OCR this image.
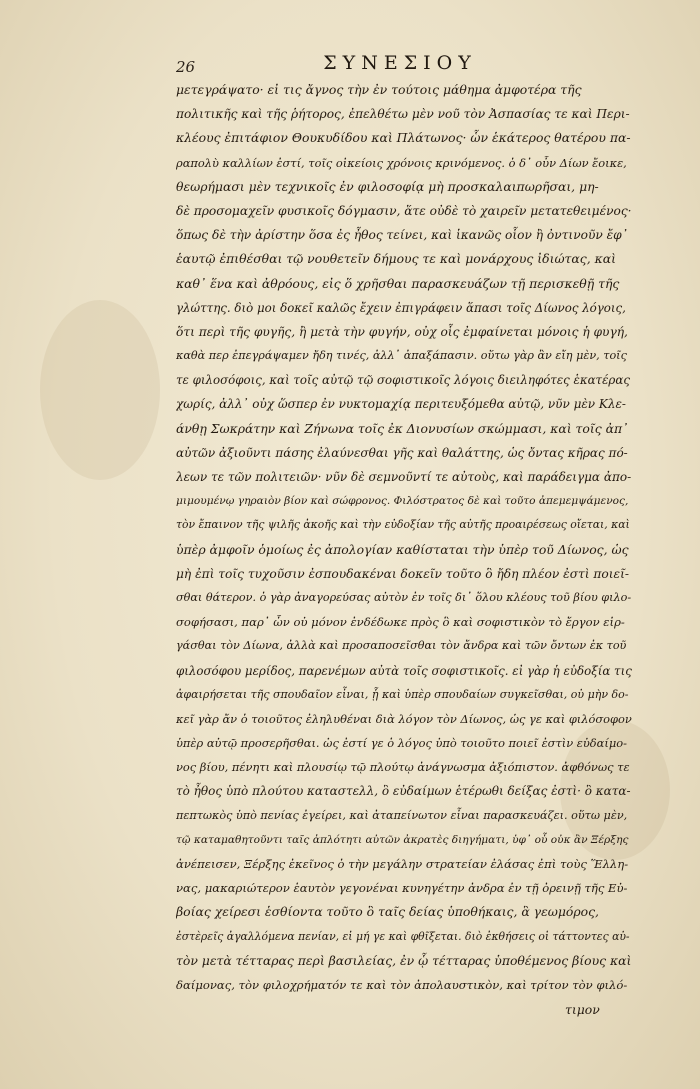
26	ΣΥΝΕΣΙΟΥ
μετεγράψατο· εἰ τις ἄγνος τὴν ἐν τούτοις μάθημα ἀμφοτέρα τῆς
πολιτικῆς καὶ τῆς ῥήτορος, ἐπελθέτω μὲν νοῦ τὸν Ἀσπασίας τε καὶ Περι-
κλέους ἐπιτάφιον Θουκυδίδου καὶ Πλάτωνος· ὧν ἑκάτερος θατέρου πα-
ραπολὺ καλλίων ἐστί, τοῖς οἰκείοις χρόνοις κρινόμενος. ὁ δ᾿ οὖν Δίων ἔοικε,
θεωρήμασι μὲν τεχνικοῖς ἐν φιλοσοφίᾳ μὴ προσκαλαιπωρῆσαι, μη-
δὲ προσομαχεῖν φυσικοῖς δόγμασιν, ἅτε οὐδὲ τὸ χαιρεῖν μετατεθειμένος·
ὅπως δὲ τὴν ἀρίστην ὅσα ἐς ἦθος τείνει, καὶ ἱκανῶς οἷον ἢ ὀντινοῦν ἔφ᾿
ἑαυτῷ ἐπιθέσθαι τῷ νουθετεῖν δήμους τε καὶ μονάρχους ἰδιώτας, καὶ
καθ᾿ ἕνα καὶ ἀθρόους, εἰς ὅ χρῆσθαι παρασκευάζων τῇ περισκεθῇ τῆς
γλώττης. διὸ μοι δοκεῖ καλῶς ἔχειν ἐπιγράφειν ἅπασι τοῖς Δίωνος λόγοις,
ὅτι περὶ τῆς φυγῆς, ἢ μετὰ τὴν φυγήν, οὐχ οἷς ἐμφαίνεται μόνοις ἡ φυγή,
καθὰ περ ἐπεγράψαμεν ἤδη τινές, ἀλλ᾿ ἀπαξάπασιν. οὕτω γὰρ ἂν εἴη μὲν, τοῖς
τε φιλοσόφοις, καὶ τοῖς αὐτῷ τῷ σοφιστικοῖς λόγοις διειληφότες ἑκατέρας
χωρίς, ἀλλ᾿ οὐχ ὥσπερ ἐν νυκτομαχίᾳ περιτευξόμεθα αὐτῷ, νῦν μὲν Κλε-
άνθῃ Σωκράτην καὶ Ζήνωνα τοῖς ἐκ Διονυσίων σκώμμασι, καὶ τοῖς ἀπ᾿
αὐτῶν ἀξιοῦντι πάσης ἐλαύνεσθαι γῆς καὶ θαλάττης, ὡς ὄντας κῆρας πό-
λεων τε τῶν πολιτειῶν· νῦν δὲ σεμνοῦντί τε αὐτοὺς, καὶ παράδειγμα ἀπο-
μιμουμένῳ γηραιὸν βίον καὶ σώφρονος. Φιλόστρατος δὲ καὶ τοῦτο ἀπεμεμψάμενος,
τὸν ἔπαινον τῆς ψιλῆς ἀκοῆς καὶ τὴν εὐδοξίαν τῆς αὐτῆς προαιρέσεως οἴεται, καὶ
ὑπὲρ ἀμφοῖν ὁμοίως ἐς ἀπολογίαν καθίσταται τὴν ὑπὲρ τοῦ Δίωνος, ὡς
μὴ ἐπὶ τοῖς τυχοῦσιν ἐσπουδακέναι δοκεῖν τοῦτο ὃ ἤδη πλέον ἐστὶ ποιεῖ-
σθαι θάτερον. ὁ γὰρ ἀναγορεύσας αὐτὸν ἐν τοῖς δι᾿ ὅλου κλέους τοῦ βίου φιλο-
σοφήσασι, παρ᾿ ὧν οὐ μόνον ἐνδέδωκε πρὸς ὃ καὶ σοφιστικὸν τὸ ἔργον εἰρ-
γάσθαι τὸν Δίωνα, ἀλλὰ καὶ προσαποσεῖσθαι τὸν ἄνδρα καὶ τῶν ὄντων ἐκ τοῦ
φιλοσόφου μερίδος, παρενέμων αὐτὰ τοῖς σοφιστικοῖς. εἰ γὰρ ἡ εὐδοξία τις
ἀφαιρήσεται τῆς σπουδαῖον εἶναι, ᾗ καὶ ὑπὲρ σπουδαίων συγκεῖσθαι, οὐ μὴν δο-
κεῖ γὰρ ἄν ὁ τοιοῦτος ἐληλυθέναι διὰ λόγον τὸν Δίωνος, ὡς γε καὶ φιλόσοφον
ὑπὲρ αὐτῷ προσερῆσθαι. ὡς ἐστί γε ὁ λόγος ὑπὸ τοιοῦτο ποιεῖ ἐστὶν εὐδαίμο-
νος βίου, πένητι καὶ πλουσίῳ τῷ πλούτῳ ἀνάγνωσμα ἀξιόπιστον. ἀφθόνως τε
τὸ ἦθος ὑπὸ πλούτου καταστελλ, ὃ εὐδαίμων ἑτέρωθι δείξας ἐστὶ· ὃ κατα-
πεπτωκὸς ὑπὸ πενίας ἐγείρει, καὶ ἀταπείνωτον εἶναι παρασκευάζει. οὕτω μὲν,
τῷ καταμαθητοῦντι ταῖς ἁπλότητι αὐτῶν ἀκρατὲς διηγήματι, ὑφ᾿ οὗ οὐκ ἂν Ξέρξης
ἀνέπεισεν, Ξέρξης ἐκεῖνος ὁ τὴν μεγάλην στρατείαν ἐλάσας ἐπὶ τοὺς Ἕλλη-
νας, μακαριώτερον ἑαυτὸν γεγονέναι κυνηγέτην ἀνδρα ἐν τῇ ὀρεινῇ τῆς Εὐ-
βοίας χείρεσι ἑσθίοντα τοῦτο ὃ ταῖς δείας ὑποθήκαις, ἃ γεωμόρος,
ἐστὲρεῖς ἀγαλλόμενα πενίαν, εἰ μή γε καὶ φθῖξεται. διὸ ἐκθήσεις οἱ τάττοντες αὐ-
τὸν μετὰ τέτταρας περὶ βασιλείας, ἐν ᾧ τέτταρας ὑποθέμενος βίους καὶ
δαίμονας, τὸν φιλοχρήματόν τε καὶ τὸν ἀπολαυστικὸν, καὶ τρίτον τὸν φιλό-
τιμον
